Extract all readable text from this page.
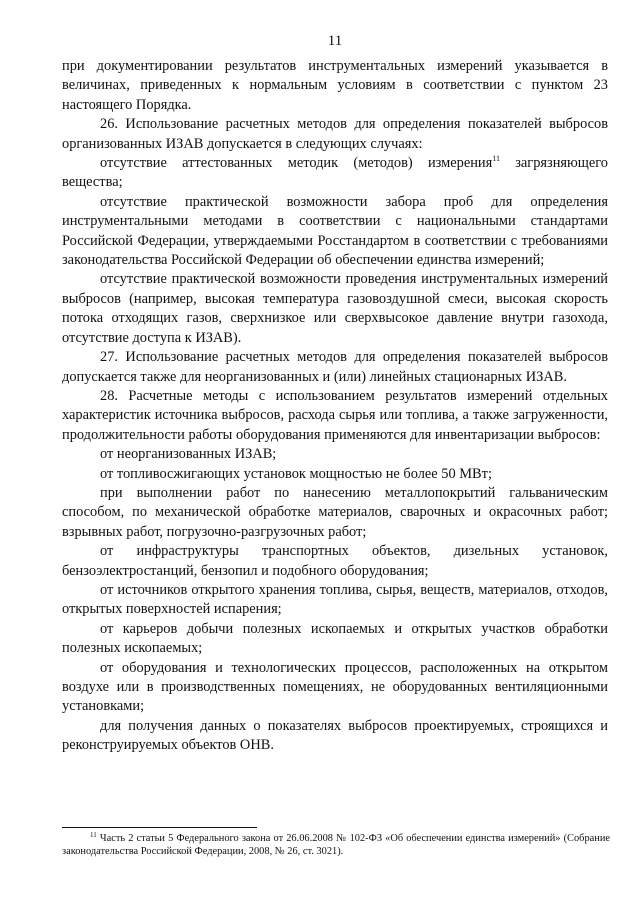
11

при документировании результатов инструментальных измерений указывается в величинах, приведенных к нормальным условиям в соответствии с пунктом 23 настоящего Порядка.

26. Использование расчетных методов для определения показателей выбросов организованных ИЗАВ допускается в следующих случаях:

отсутствие аттестованных методик (методов) измерения$^{11}$ загрязняющего вещества;

отсутствие практической возможности забора проб для определения инструментальными методами в соответствии с национальными стандартами Российской Федерации, утверждаемыми Росстандартом в соответствии с требованиями законодательства Российской Федерации об обеспечении единства измерений;

отсутствие практической возможности проведения инструментальных измерений выбросов (например, высокая температура газовоздушной смеси, высокая скорость потока отходящих газов, сверхнизкое или сверхвысокое давление внутри газохода, отсутствие доступа к ИЗАВ).

27. Использование расчетных методов для определения показателей выбросов допускается также для неорганизованных и (или) линейных стационарных ИЗАВ.

28. Расчетные методы с использованием результатов измерений отдельных характеристик источника выбросов, расхода сырья или топлива, а также загруженности, продолжительности работы оборудования применяются для инвентаризации выбросов:

от неорганизованных ИЗАВ;

от топливосжигающих установок мощностью не более 50 МВт;

при выполнении работ по нанесению металлопокрытий гальваническим способом, по механической обработке материалов, сварочных и окрасочных работ; взрывных работ, погрузочно-разгрузочных работ;

от инфраструктуры транспортных объектов, дизельных установок, бензоэлектростанций, бензопил и подобного оборудования;

от источников открытого хранения топлива, сырья, веществ, материалов, отходов, открытых поверхностей испарения;

от карьеров добычи полезных ископаемых и открытых участков обработки полезных ископаемых;

от оборудования и технологических процессов, расположенных на открытом воздухе или в производственных помещениях, не оборудованных вентиляционными установками;

для получения данных о показателях выбросов проектируемых, строящихся и реконструируемых объектов ОНВ.

$^{11}$ Часть 2 статьи 5 Федерального закона от 26.06.2008 № 102-ФЗ «Об обеспечении единства измерений» (Собрание законодательства Российской Федерации, 2008, № 26, ст. 3021).
